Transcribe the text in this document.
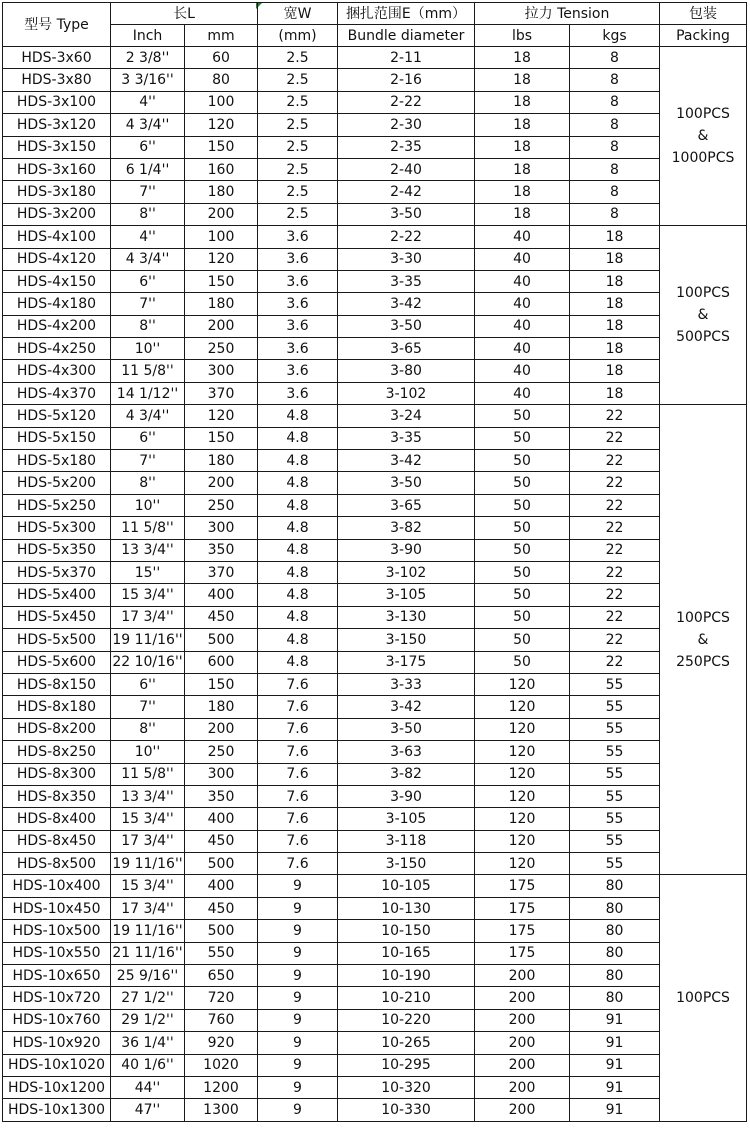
型号 Type	长L		宽W	捆扎范围E（mm）	拉力 Tension		包装
	Inch	mm	(mm)	Bundle diameter	lbs	kgs	Packing
HDS-3x60	2 3/8''	60	2.5	2-11	18	8	100PCS
&
1000PCS

HDS-3x80	3 3/16''	80	2.5	2-16	18	8	
HDS-3x100	4''	100	2.5	2-22	18	8	
HDS-3x120	4 3/4''	120	2.5	2-30	18	8	
HDS-3x150	6''	150	2.5	2-35	18	8	
HDS-3x160	6 1/4''	160	2.5	2-40	18	8	
HDS-3x180	7''	180	2.5	2-42	18	8	
HDS-3x200	8''	200	2.5	3-50	18	8	
HDS-4x100	4''	100	3.6	2-22	40	18	100PCS
&
500PCS

HDS-4x120	4 3/4''	120	3.6	3-30	40	18	
HDS-4x150	6''	150	3.6	3-35	40	18	
HDS-4x180	7''	180	3.6	3-42	40	18	
HDS-4x200	8''	200	3.6	3-50	40	18	
HDS-4x250	10''	250	3.6	3-65	40	18	
HDS-4x300	11 5/8''	300	3.6	3-80	40	18	
HDS-4x370	14 1/12''	370	3.6	3-102	40	18	
HDS-5x120	4 3/4''	120	4.8	3-24	50	22	100PCS
&
250PCS

HDS-5x150	6''	150	4.8	3-35	50	22	
HDS-5x180	7''	180	4.8	3-42	50	22	
HDS-5x200	8''	200	4.8	3-50	50	22	
HDS-5x250	10''	250	4.8	3-65	50	22	
HDS-5x300	11 5/8''	300	4.8	3-82	50	22	
HDS-5x350	13 3/4''	350	4.8	3-90	50	22	
HDS-5x370	15''	370	4.8	3-102	50	22	
HDS-5x400	15 3/4''	400	4.8	3-105	50	22	
HDS-5x450	17 3/4''	450	4.8	3-130	50	22	
HDS-5x500	19 11/16''	500	4.8	3-150	50	22	
HDS-5x600	22 10/16''	600	4.8	3-175	50	22	
HDS-8x150	6''	150	7.6	3-33	120	55	
HDS-8x180	7''	180	7.6	3-42	120	55	
HDS-8x200	8''	200	7.6	3-50	120	55	
HDS-8x250	10''	250	7.6	3-63	120	55	
HDS-8x300	11 5/8''	300	7.6	3-82	120	55	
HDS-8x350	13 3/4''	350	7.6	3-90	120	55	
HDS-8x400	15 3/4''	400	7.6	3-105	120	55	
HDS-8x450	17 3/4''	450	7.6	3-118	120	55	
HDS-8x500	19 11/16''	500	7.6	3-150	120	55	
HDS-10x400	15 3/4''	400	9	10-105	175	80	100PCS

HDS-10x450	17 3/4''	450	9	10-130	175	80	
HDS-10x500	19 11/16''	500	9	10-150	175	80	
HDS-10x550	21 11/16''	550	9	10-165	175	80	
HDS-10x650	25 9/16''	650	9	10-190	200	80	
HDS-10x720	27 1/2''	720	9	10-210	200	80	
HDS-10x760	29 1/2''	760	9	10-220	200	91	
HDS-10x920	36 1/4''	920	9	10-265	200	91	
HDS-10x1020	40 1/6''	1020	9	10-295	200	91	
HDS-10x1200	44''	1200	9	10-320	200	91	
HDS-10x1300	47''	1300	9	10-330	200	91	
